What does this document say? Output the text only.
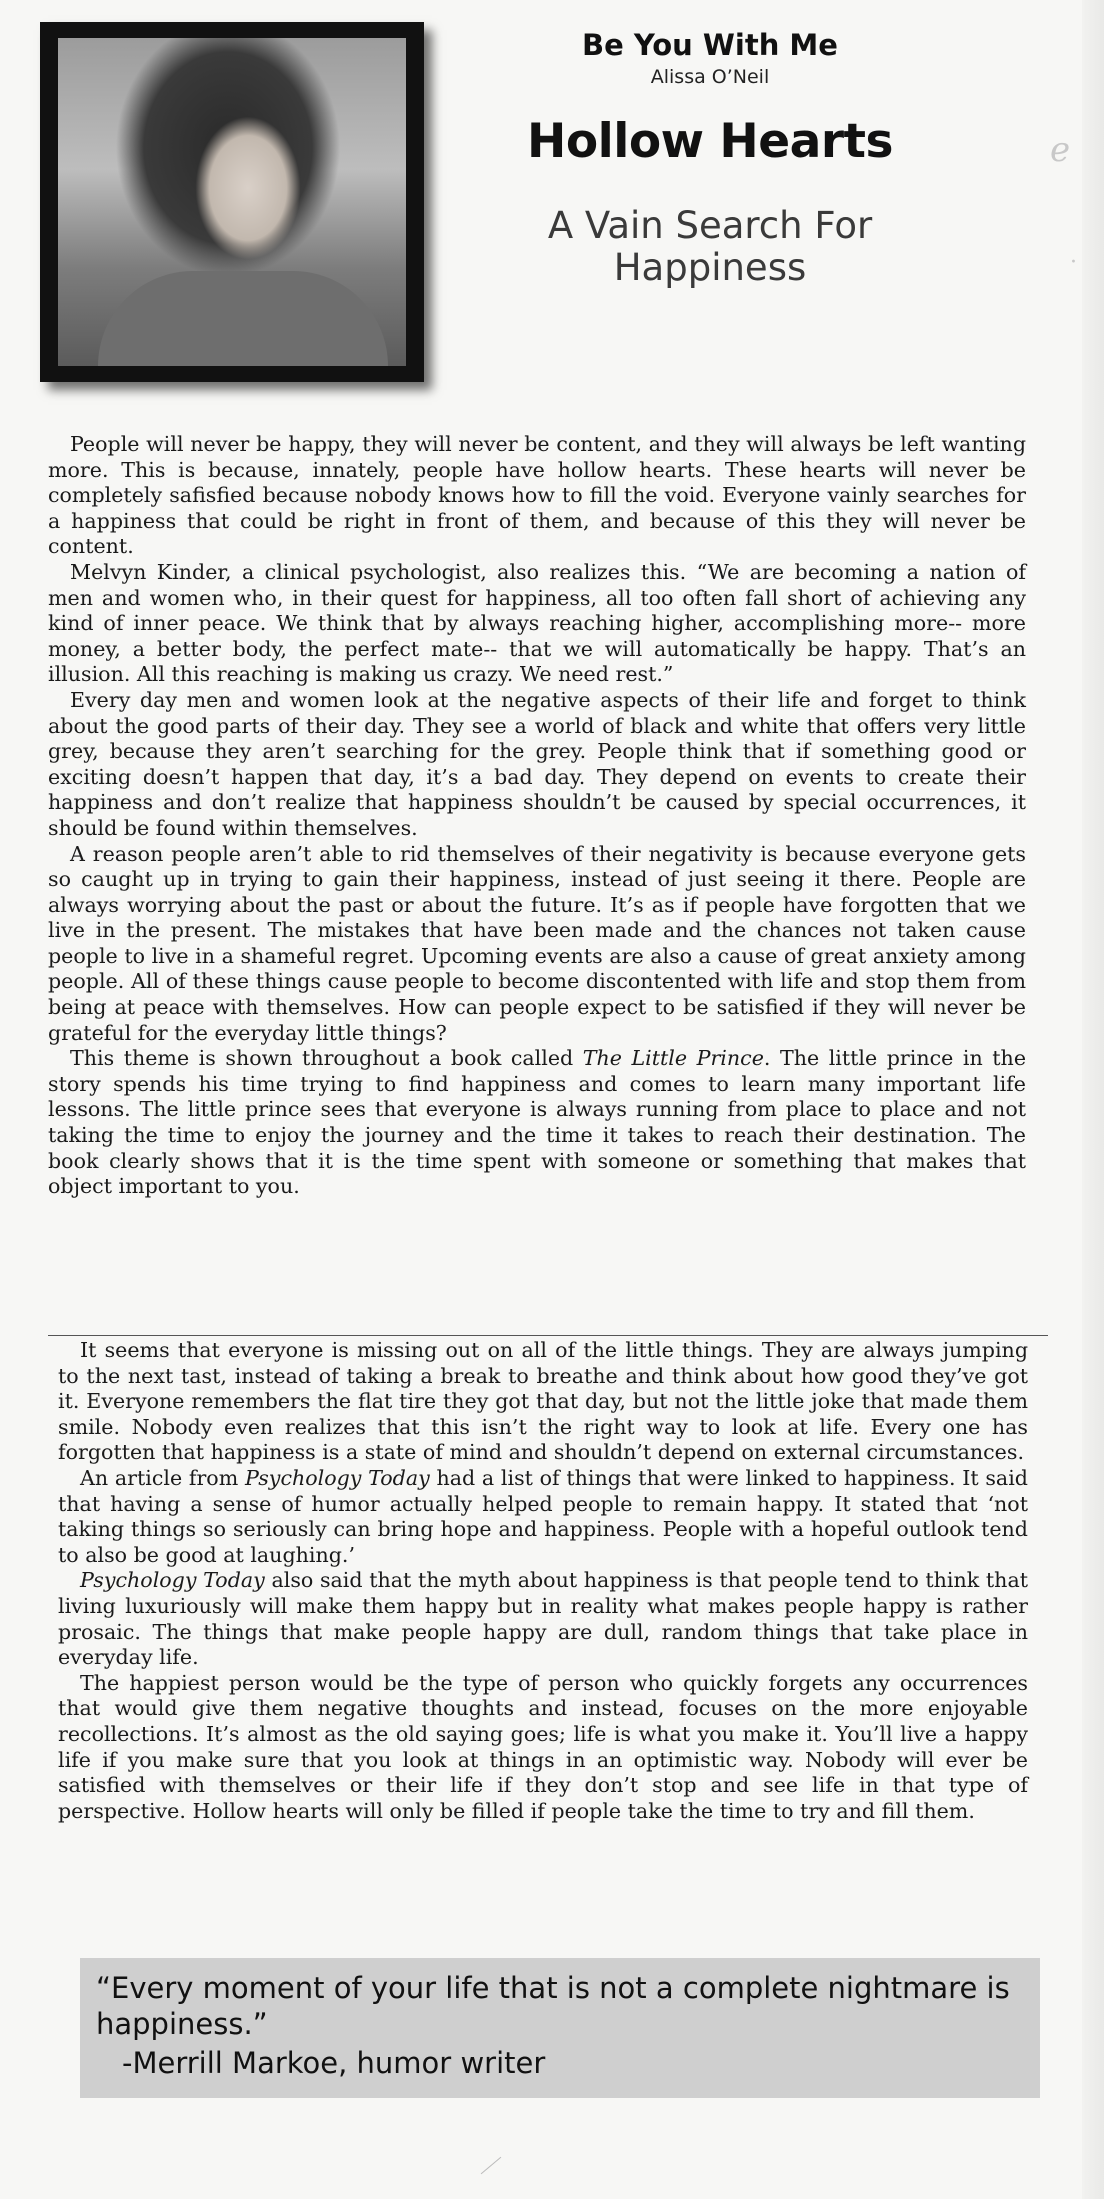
ℯ
·

Be You With Me

Alissa O’Neil

Hollow Hearts

A Vain Search For Happiness

People will never be happy, they will never be content, and they will always be left wanting more. This is because, innately, people have hollow hearts. These hearts will never be completely safisfied because nobody knows how to fill the void. Everyone vainly searches for a happiness that could be right in front of them, and because of this they will never be content.

Melvyn Kinder, a clinical psychologist, also realizes this. “We are becoming a nation of men and women who, in their quest for happiness, all too often fall short of achieving any kind of inner peace. We think that by always reaching higher, accomplishing more-- more money, a better body, the perfect mate-- that we will automatically be happy. That’s an illusion. All this reaching is making us crazy. We need rest.”

Every day men and women look at the negative aspects of their life and forget to think about the good parts of their day. They see a world of black and white that offers very little grey, because they aren’t searching for the grey. People think that if something good or exciting doesn’t happen that day, it’s a bad day. They depend on events to create their happiness and don’t realize that happiness shouldn’t be caused by special occurrences, it should be found within themselves.

A reason people aren’t able to rid themselves of their negativity is because everyone gets so caught up in trying to gain their happiness, instead of just seeing it there. People are always worrying about the past or about the future. It’s as if people have forgotten that we live in the present. The mistakes that have been made and the chances not taken cause people to live in a shameful regret. Upcoming events are also a cause of great anxiety among people. All of these things cause people to become discontented with life and stop them from being at peace with themselves. How can people expect to be satisfied if they will never be grateful for the everyday little things?

This theme is shown throughout a book called The Little Prince. The little prince in the story spends his time trying to find happiness and comes to learn many important life lessons. The little prince sees that everyone is always running from place to place and not taking the time to enjoy the journey and the time it takes to reach their destination. The book clearly shows that it is the time spent with someone or something that makes that object important to you.

It seems that everyone is missing out on all of the little things. They are always jumping to the next tast, instead of taking a break to breathe and think about how good they’ve got it. Everyone remembers the flat tire they got that day, but not the little joke that made them smile. Nobody even realizes that this isn’t the right way to look at life. Every one has forgotten that happiness is a state of mind and shouldn’t depend on external circumstances.

An article from Psychology Today had a list of things that were linked to happiness. It said that having a sense of humor actually helped people to remain happy. It stated that ‘not taking things so seriously can bring hope and happiness. People with a hopeful outlook tend to also be good at laughing.’

Psychology Today also said that the myth about happiness is that people tend to think that living luxuriously will make them happy but in reality what makes people happy is rather prosaic. The things that make people happy are dull, random things that take place in everyday life.

The happiest person would be the type of person who quickly forgets any occurrences that would give them negative thoughts and instead, focuses on the more enjoyable recollections. It’s almost as the old saying goes; life is what you make it. You’ll live a happy life if you make sure that you look at things in an optimistic way. Nobody will ever be satisfied with themselves or their life if they don’t stop and see life in that type of perspective. Hollow hearts will only be filled if people take the time to try and fill them.

“Every moment of your life that is not a complete nightmare is happiness.”

-Merrill Markoe, humor writer
